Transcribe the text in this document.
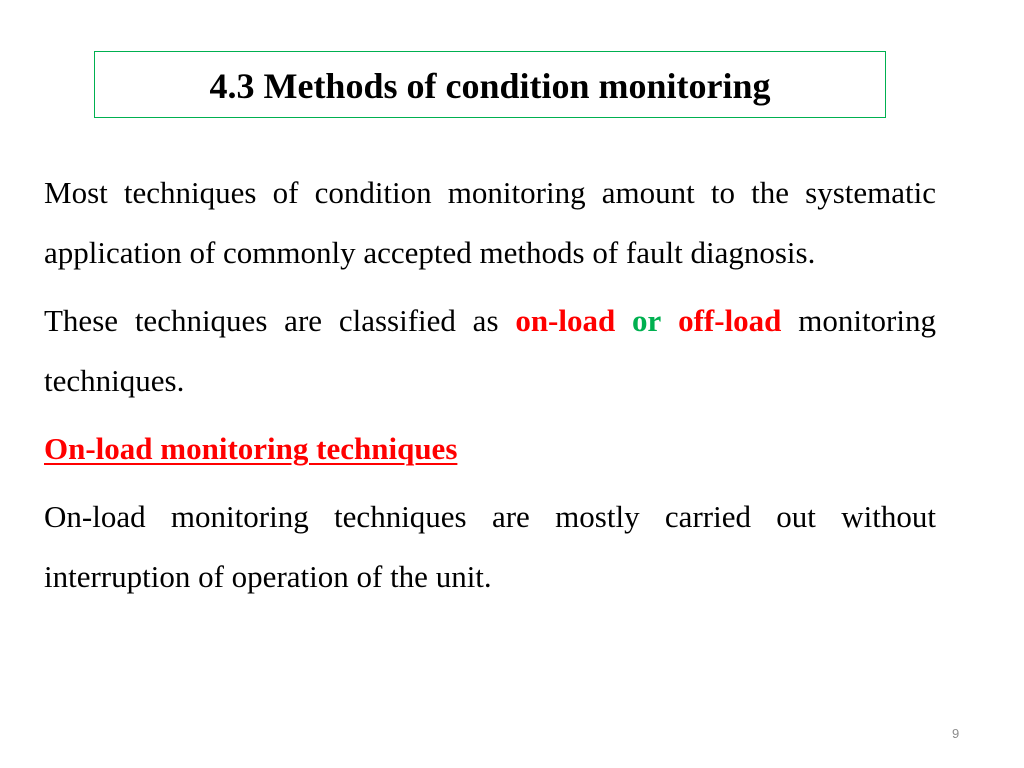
4.3 Methods of condition monitoring

Most techniques of condition monitoring amount to the systematic application of commonly accepted methods of fault diagnosis.

These techniques are classified as on-load or off-load monitoring techniques.

On-load monitoring techniques

On-load monitoring techniques are mostly carried out without interruption of operation of the unit.

9
